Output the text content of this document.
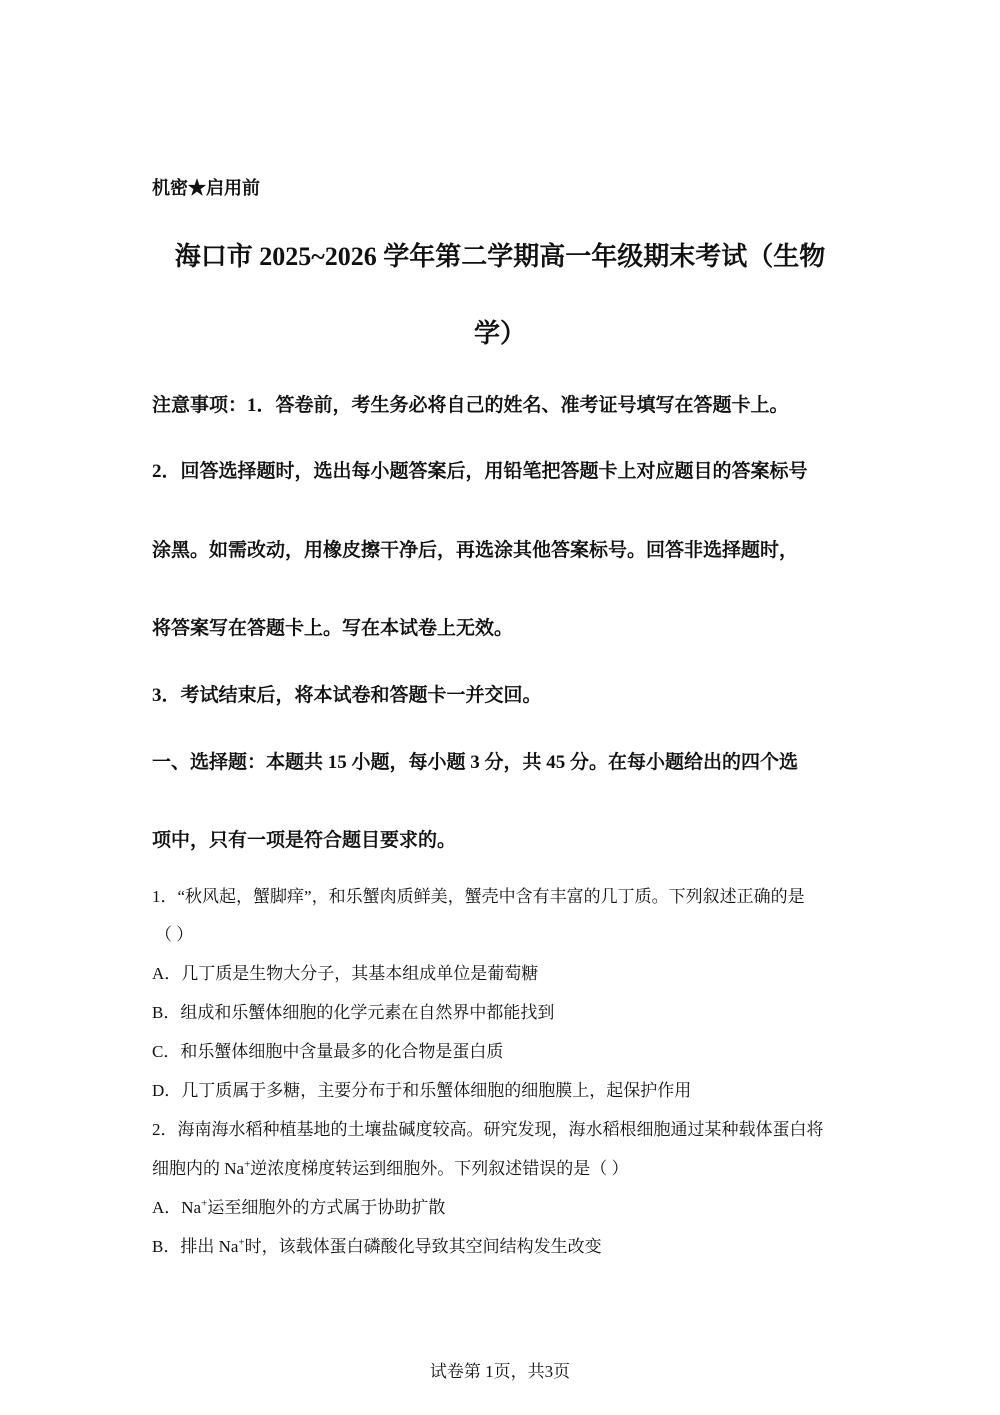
机密★启用前
海口市 2025~2026 学年第二学期高一年级期末考试（生物
学）
注意事项：1．答卷前，考生务必将自己的姓名、准考证号填写在答题卡上。
2．回答选择题时，选出每小题答案后，用铅笔把答题卡上对应题目的答案标号
涂黑。如需改动，用橡皮擦干净后，再选涂其他答案标号。回答非选择题时，
将答案写在答题卡上。写在本试卷上无效。
3．考试结束后，将本试卷和答题卡一并交回。
一、选择题：本题共 15 小题，每小题 3 分，共 45 分。在每小题给出的四个选
项中，只有一项是符合题目要求的。
1．“秋风起，蟹脚痒”，和乐蟹肉质鲜美，蟹壳中含有丰富的几丁质。下列叙述正确的是
（ ）
A．几丁质是生物大分子，其基本组成单位是葡萄糖
B．组成和乐蟹体细胞的化学元素在自然界中都能找到
C．和乐蟹体细胞中含量最多的化合物是蛋白质
D．几丁质属于多糖，主要分布于和乐蟹体细胞的细胞膜上，起保护作用
2．海南海水稻种植基地的土壤盐碱度较高。研究发现，海水稻根细胞通过某种载体蛋白将
细胞内的 Na+逆浓度梯度转运到细胞外。下列叙述错误的是（ ）
A．Na+运至细胞外的方式属于协助扩散
B．排出 Na+时，该载体蛋白磷酸化导致其空间结构发生改变
试卷第 1页，共3页
